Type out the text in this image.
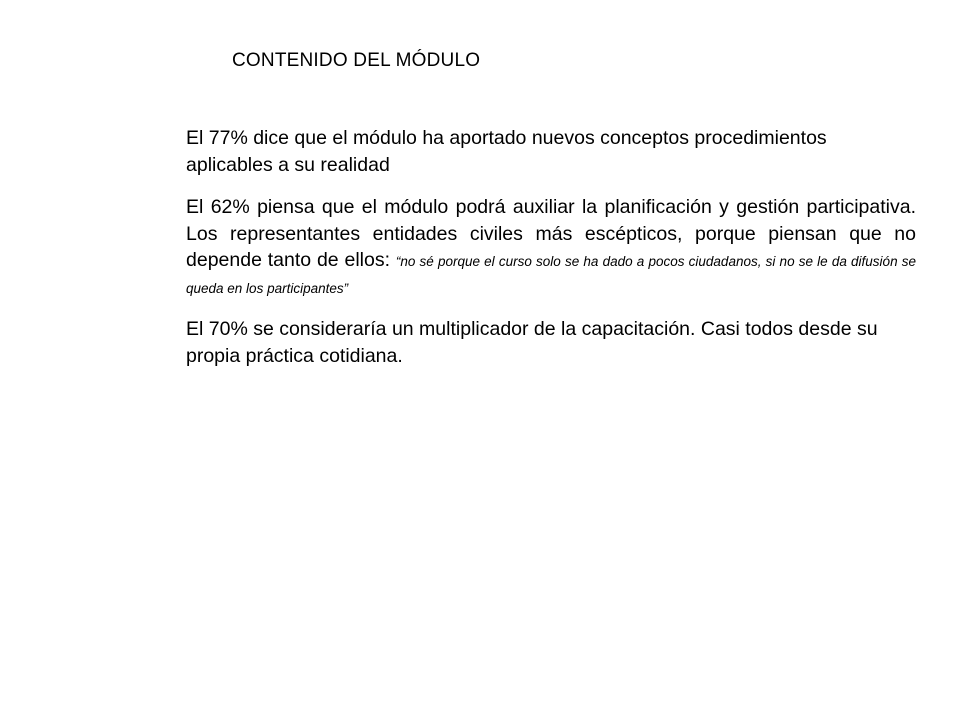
CONTENIDO DEL MÓDULO

El 77% dice que el módulo ha aportado nuevos conceptos procedimientos aplicables a su realidad

El 62% piensa que el módulo podrá auxiliar la planificación y gestión participativa. Los representantes entidades civiles más escépticos, porque piensan que no depende tanto de ellos: “no sé porque el curso solo se ha dado a pocos ciudadanos, si no se le da difusión se queda en los participantes”

El 70% se consideraría un multiplicador de la capacitación. Casi todos desde su propia práctica cotidiana.
